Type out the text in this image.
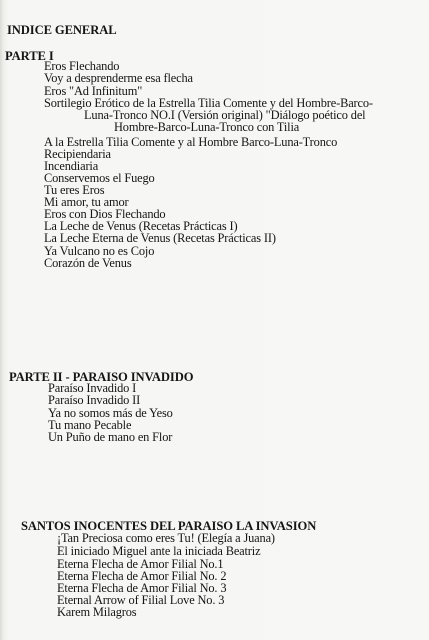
INDICE GENERAL
PARTE I
Eros Flechando
Voy a desprenderme esa flecha
Eros "Ad Infinitum"
Sortilegio Erótico de la Estrella Tilia Comente y del Hombre-Barco-
Luna-Tronco NO.I (Versión original) "Diálogo poético del
Hombre-Barco-Luna-Tronco con Tilia
A la Estrella Tilia Comente y al Hombre Barco-Luna-Tronco
Recipiendaria
Incendiaria
Conservemos el Fuego
Tu eres Eros
Mi amor, tu amor
Eros con Dios Flechando
La Leche de Venus (Recetas Prácticas I)
La Leche Eterna de Venus (Recetas Prácticas II)
Ya Vulcano no es Cojo
Corazón de Venus
PARTE II - PARAISO INVADIDO
Paraíso Invadido I
Paraíso Invadido II
Ya no somos más de Yeso
Tu mano Pecable
Un Puño de mano en Flor
SANTOS INOCENTES DEL PARAISO LA INVASION
¡Tan Preciosa como eres Tu! (Elegía a Juana)
El iniciado Miguel ante la iniciada Beatriz
Eterna Flecha de Amor Filial No.1
Eterna Flecha de Amor Filial No. 2
Eterna Flecha de Amor Filial No. 3
Eternal Arrow of Filial Love No. 3
Karem Milagros
